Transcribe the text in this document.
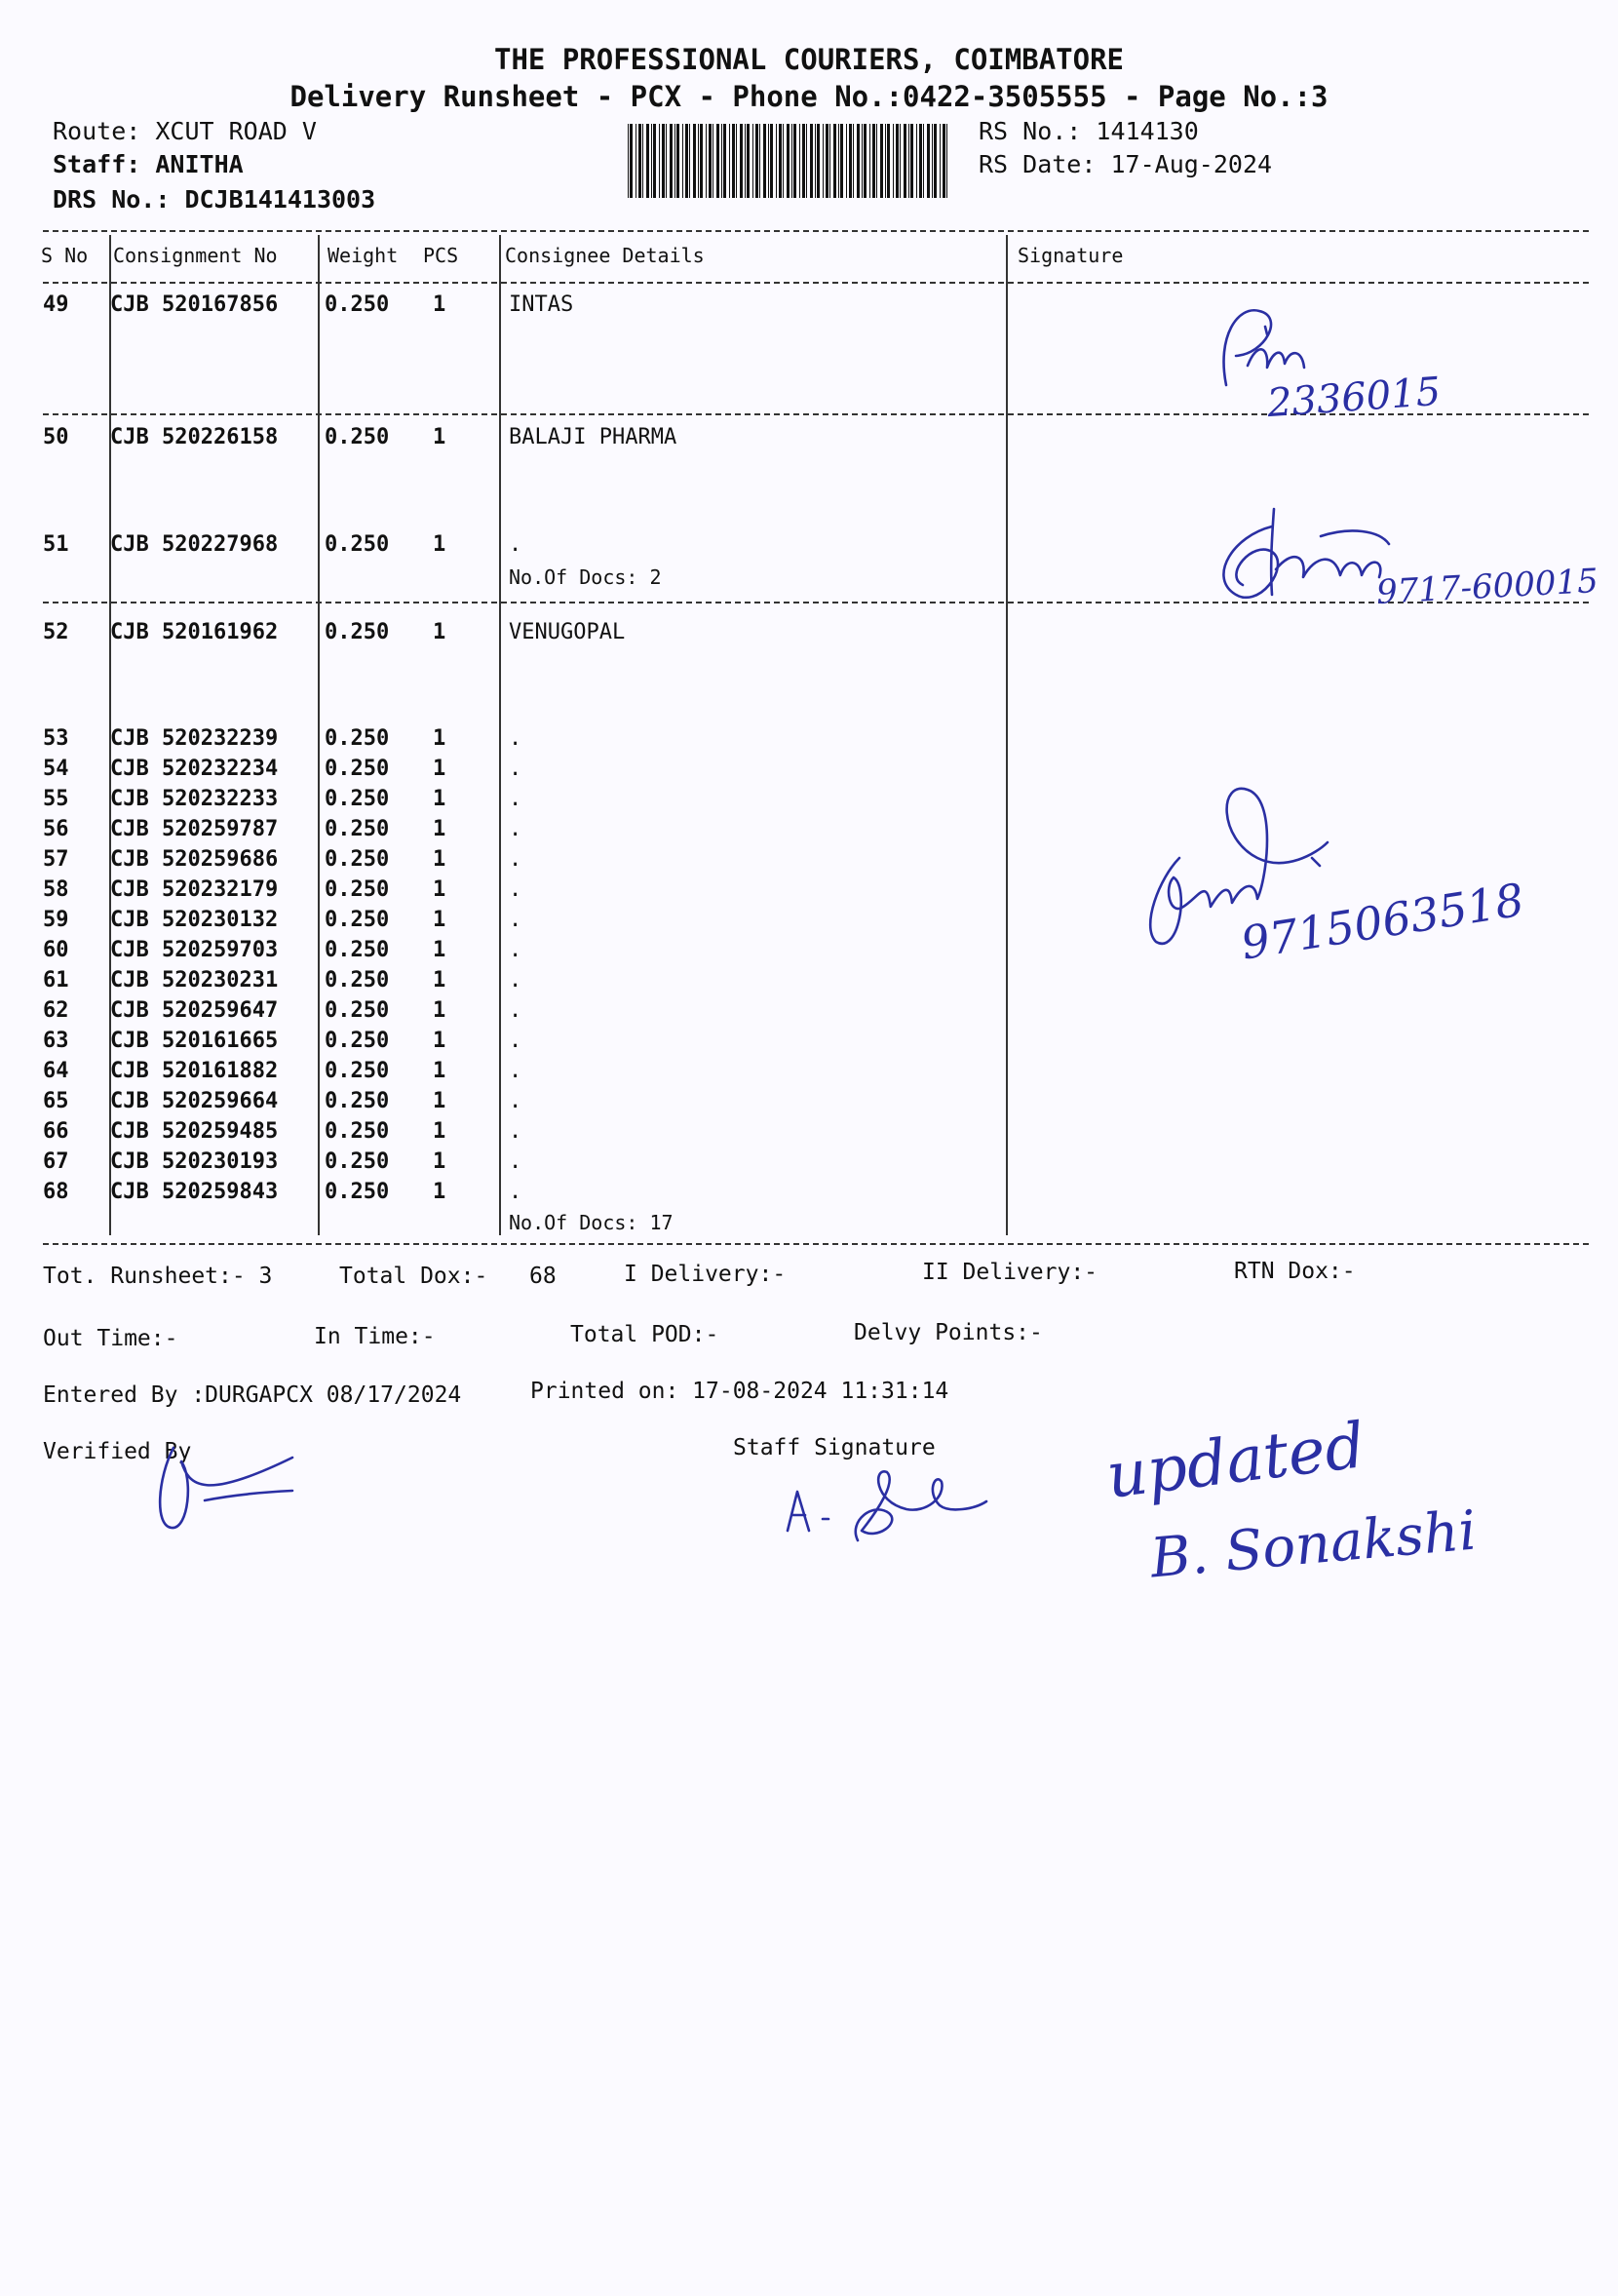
THE PROFESSIONAL COURIERS, COIMBATORE
Delivery Runsheet - PCX - Phone No.:0422-3505555 - Page No.:3
Route: XCUT ROAD V
Staff: ANITHA
DRS No.: DCJB141413003
RS No.: 1414130
RS Date: 17-Aug-2024
S No Consignment No	Weight PCS Consignee Details	Signature
49 CJB 520167856 0.250 1	INTAS
50 CJB 520226158 0.250 1	BALAJI PHARMA
51 CJB 520227968 0.250 1	.
52 CJB 520161962 0.250 1	VENUGOPAL
53 CJB 520232239 0.250 1	.
54 CJB 520232234 0.250 1	.
55 CJB 520232233 0.250 1	.
56 CJB 520259787 0.250 1	.
57 CJB 520259686 0.250 1	.
58 CJB 520232179 0.250 1	.
59 CJB 520230132 0.250 1	.
60 CJB 520259703 0.250 1	.
61 CJB 520230231 0.250 1	.
62 CJB 520259647 0.250 1	.
63 CJB 520161665 0.250 1	.
64 CJB 520161882 0.250 1	.
65 CJB 520259664 0.250 1	.
66 CJB 520259485 0.250 1	.
67 CJB 520230193 0.250 1	.
68 CJB 520259843 0.250 1	.
No.Of Docs: 2
No.Of Docs: 17
2336015
9717-600015
9715063518
Tot. Runsheet:- 3	Total Dox:- 68	I Delivery:-	II Delivery:-	RTN Dox:-
Out Time:-	In Time:-	Total POD:-	Delvy Points:-
Entered By :DURGAPCX 08/17/2024	Printed on: 17-08-2024 11:31:14
Verified By	Staff Signature	updated
B. Sonakshi
